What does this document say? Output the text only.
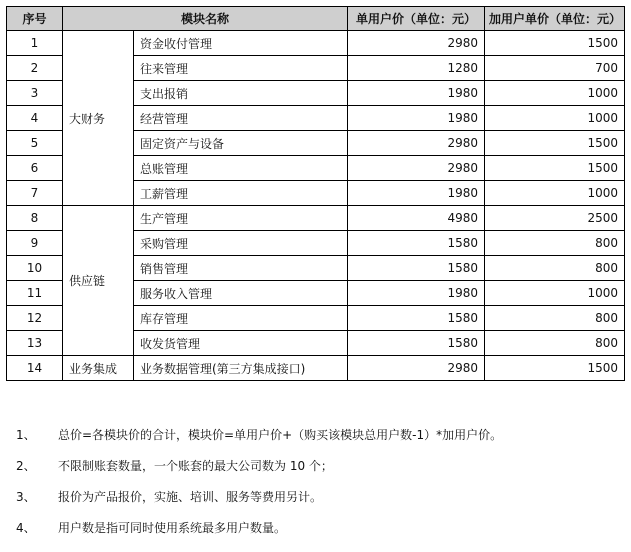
序号	模块名称		单用户价（单位：元）	加用户单价（单位：元）
1	大财务	资金收付管理	2980	1500
2		往来管理	1280	700
3		支出报销	1980	1000
4		经营管理	1980	1000
5		固定资产与设备	2980	1500
6		总账管理	2980	1500
7		工薪管理	1980	1000
8	供应链	生产管理	4980	2500
9		采购管理	1580	800
10		销售管理	1580	800
11		服务收入管理	1980	1000
12		库存管理	1580	800
13		收发货管理	1580	800
14	业务集成	业务数据管理(第三方集成接口)	2980	1500
1、	总价=各模块价的合计，模块价=单用户价+（购买该模块总用户数-1）*加用户价。
2、	不限制账套数量，一个账套的最大公司数为 10 个；
3、	报价为产品报价，实施、培训、服务等费用另计。
4、	用户数是指可同时使用系统最多用户数量。
